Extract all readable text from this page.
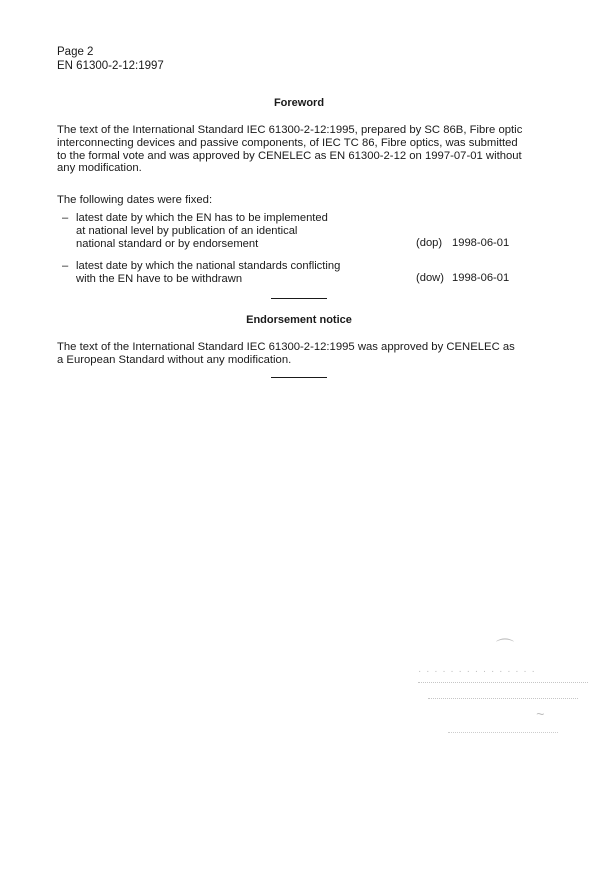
Page 2
EN 61300-2-12:1997
Foreword
The text of the International Standard IEC 61300-2-12:1995, prepared by SC 86B, Fibre optic
interconnecting devices and passive components, of IEC TC 86, Fibre optics, was submitted
to the formal vote and was approved by CENELEC as EN 61300-2-12 on 1997-07-01 without
any modification.
The following dates were fixed:
– latest date by which the EN has to be implemented
at national level by publication of an identical
national standard or by endorsement	(dop) 1998-06-01
– latest date by which the national standards conflicting
with the EN have to be withdrawn	(dow) 1998-06-01
Endorsement notice
The text of the International Standard IEC 61300-2-12:1995 was approved by CENELEC as
a European Standard without any modification.
⌒
· · · · · · · · · · · · · · ·
~
